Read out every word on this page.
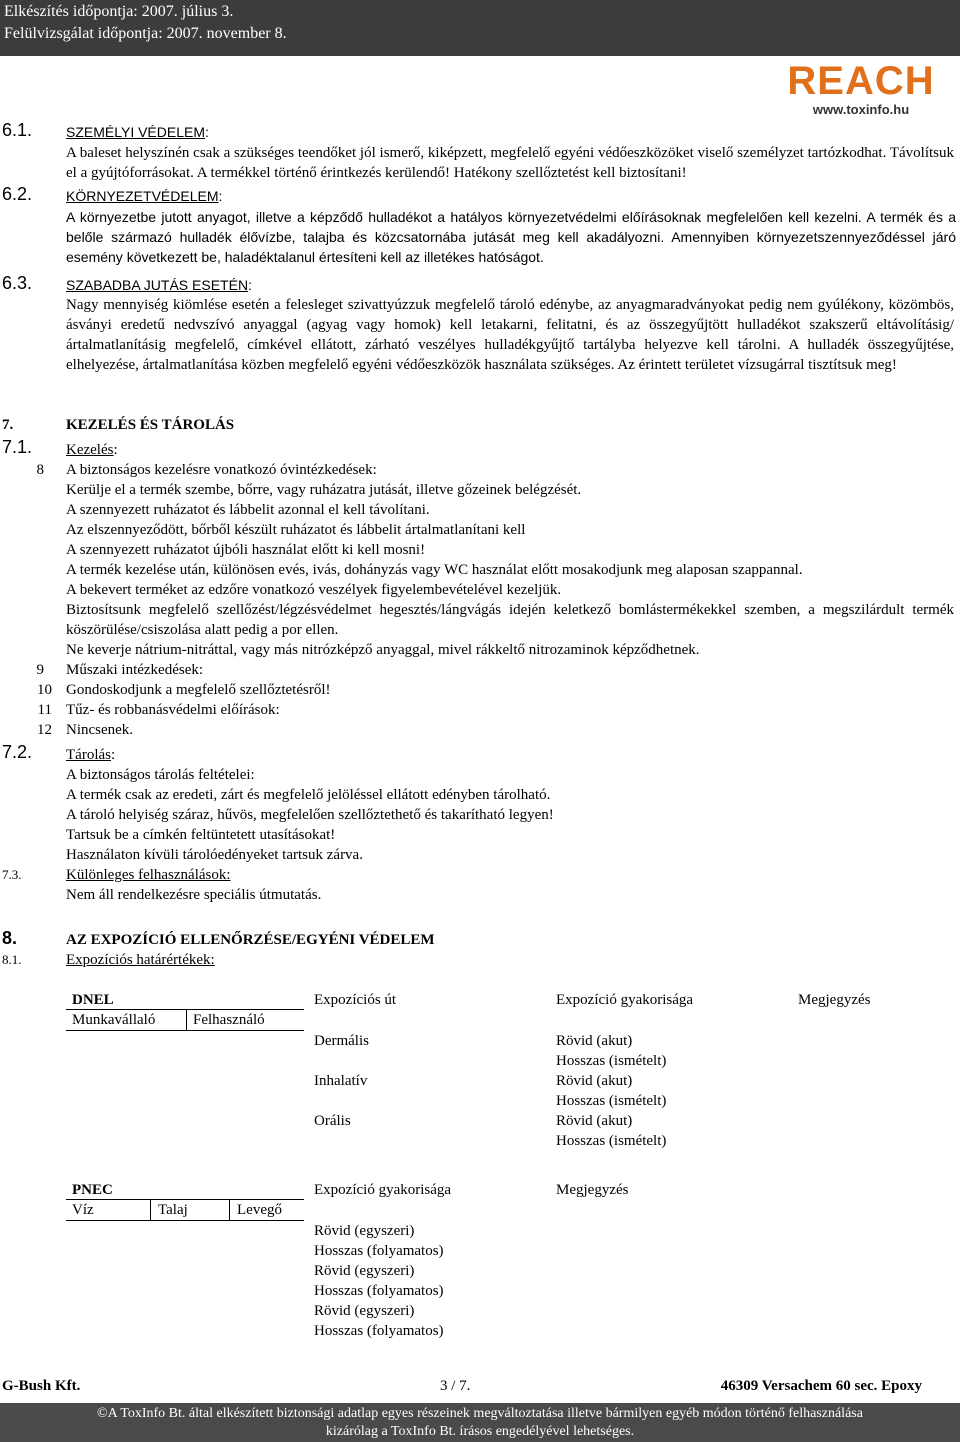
Elkészítés időpontja: 2007. július 3.
Felülvizsgálat időpontja: 2007. november 8.
REACH
www.toxinfo.hu
6.1. SZEMÉLYI VÉDELEM:
A baleset helyszínén csak a szükséges teendőket jól ismerő, kiképzett, megfelelő egyéni védőeszközöket viselő személyzet tartózkodhat. Távolítsuk el a gyújtóforrásokat. A termékkel történő érintkezés kerülendő! Hatékony szellőztetést kell biztosítani!
6.2. KÖRNYEZETVÉDELEM:
A környezetbe jutott anyagot, illetve a képződő hulladékot a hatályos környezetvédelmi előírásoknak megfelelően kell kezelni. A termék és a belőle származó hulladék élővízbe, talajba és közcsatornába jutását meg kell akadályozni. Amennyiben környezetszennyeződéssel járó esemény következett be, haladéktalanul értesíteni kell az illetékes hatóságot.
6.3. SZABADBA JUTÁS ESETÉN:
Nagy mennyiség kiömlése esetén a felesleget szivattyúzzuk megfelelő tároló edénybe, az anyagmaradványokat pedig nem gyúlékony, közömbös, ásványi eredetű nedvszívó anyaggal (agyag vagy homok) kell letakarni, felitatni, és az összegyűjtött hulladékot szakszerű eltávolításig/ártalmatlanításig megfelelő, címkével ellátott, zárható veszélyes hulladékgyűjtő tartályba helyezve kell tárolni. A hulladék összegyűjtése, elhelyezése, ártalmatlanítása közben megfelelő egyéni védőeszközök használata szükséges. Az érintett területet vízsugárral tisztítsuk meg!
7.	KEZELÉS ÉS TÁROLÁS
7.1. Kezelés:
8 A biztonságos kezelésre vonatkozó óvintézkedések:
Kerülje el a termék szembe, bőrre, vagy ruházatra jutását, illetve gőzeinek belégzését.
A szennyezett ruházatot és lábbelit azonnal el kell távolítani.
Az elszennyeződött, bőrből készült ruházatot és lábbelit ártalmatlanítani kell
A szennyezett ruházatot újbóli használat előtt ki kell mosni!
A termék kezelése után, különösen evés, ivás, dohányzás vagy WC használat előtt mosakodjunk meg alaposan szappannal.
A bekevert terméket az edzőre vonatkozó veszélyek figyelembevételével kezeljük.
Biztosítsunk megfelelő szellőzést/légzésvédelmet hegesztés/lángvágás idején keletkező bomlástermékekkel szemben, a megszilárdult termék köszörülése/csiszolása alatt pedig a por ellen.
Ne keverje nátrium-nitráttal, vagy más nitrózképző anyaggal, mivel rákkeltő nitrozaminok képződhetnek.
9 Műszaki intézkedések:
10 Gondoskodjunk a megfelelő szellőztetésről!
11 Tűz- és robbanásvédelmi előírások:
12 Nincsenek.
7.2. Tárolás:
A biztonságos tárolás feltételei:
A termék csak az eredeti, zárt és megfelelő jelöléssel ellátott edényben tárolható.
A tároló helyiség száraz, hűvös, megfelelően szellőztethető és takarítható legyen!
Tartsuk be a címkén feltüntetett utasításokat!
Használaton kívüli tárolóedényeket tartsuk zárva.
7.3.	Különleges felhasználások:
Nem áll rendelkezésre speciális útmutatás.
8.	AZ EXPOZÍCIÓ ELLENŐRZÉSE/EGYÉNI VÉDELEM
8.1.	Expozíciós határértékek:
DNEL	Expozíciós út	Expozíció gyakorisága	Megjegyzés
Munkavállaló	Felhasználó
Dermális	Rövid (akut)
Hosszas (ismételt)
Inhalatív	Rövid (akut)
Hosszas (ismételt)
Orális	Rövid (akut)
Hosszas (ismételt)
PNEC	Expozíció gyakorisága	Megjegyzés
Víz	Talaj	Levegő
Rövid (egyszeri)
Hosszas (folyamatos)
Rövid (egyszeri)
Hosszas (folyamatos)
Rövid (egyszeri)
Hosszas (folyamatos)
G-Bush Kft.	3 / 7.	46309 Versachem 60 sec. Epoxy
©A ToxInfo Bt. által elkészített biztonsági adatlap egyes részeinek megváltoztatása illetve bármilyen egyéb módon történő felhasználása
kizárólag a ToxInfo Bt. írásos engedélyével lehetséges.
